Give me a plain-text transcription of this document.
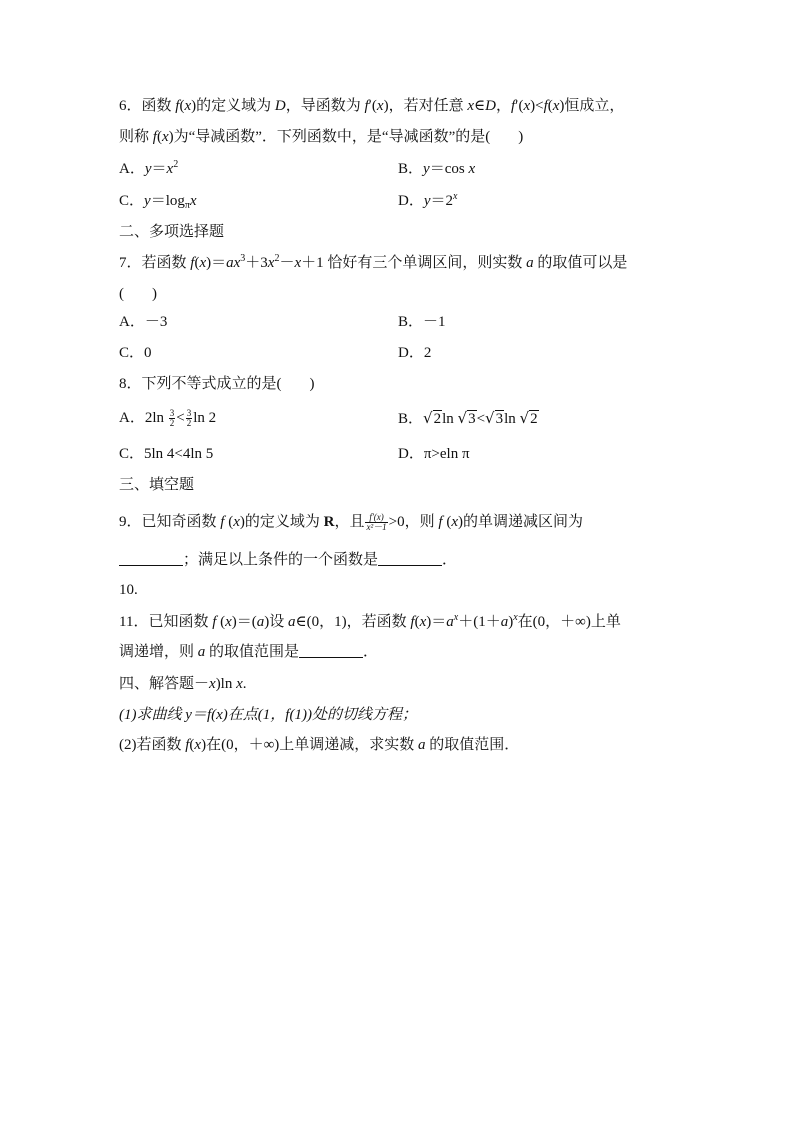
6．函数 f(x)的定义域为 D，导函数为 f′(x)，若对任意 x∈D，f′(x)<f(x)恒成立，
则称 f(x)为“导减函数”．下列函数中，是“导减函数”的是( )
A．$y=x^2$	B．y＝cos x
C．$y=\log_\pi x$	D．$y=2^x$
二、多项选择题
7．若函数 $f(x)=ax^3+3x^2-x+1$ 恰好有三个单调区间，则实数 a 的取值可以是
( )
A．－3	B．－1
C．0	D．2
8．下列不等式成立的是( )
A．$2\ln \frac{3}{2} < \frac{3}{2}$ ln 2	B．√2ln √3<√3ln √2
C．5ln 4<4ln 5	D．π>eln π
三、填空题
9．已知奇函数 f (x)的定义域为 R，且 $\frac{f'(x)}{\text{x²－1}} >0$，则 f (x)的单调递减区间为
；满足以上条件的一个函数是	．
10.
11．已知函数 f (x)＝(a)设 a∈(0，1)，若函数 $f(x)=a^x+(1+a)^x$在(0，＋∞)上单
调递增，则 a 的取值范围是	．
四、解答题－x)ln x.
(1)求曲线 y＝f(x)在点(1，f(1))处的切线方程；
(2)若函数 f(x)在(0，＋∞)上单调递减，求实数 a 的取值范围．
